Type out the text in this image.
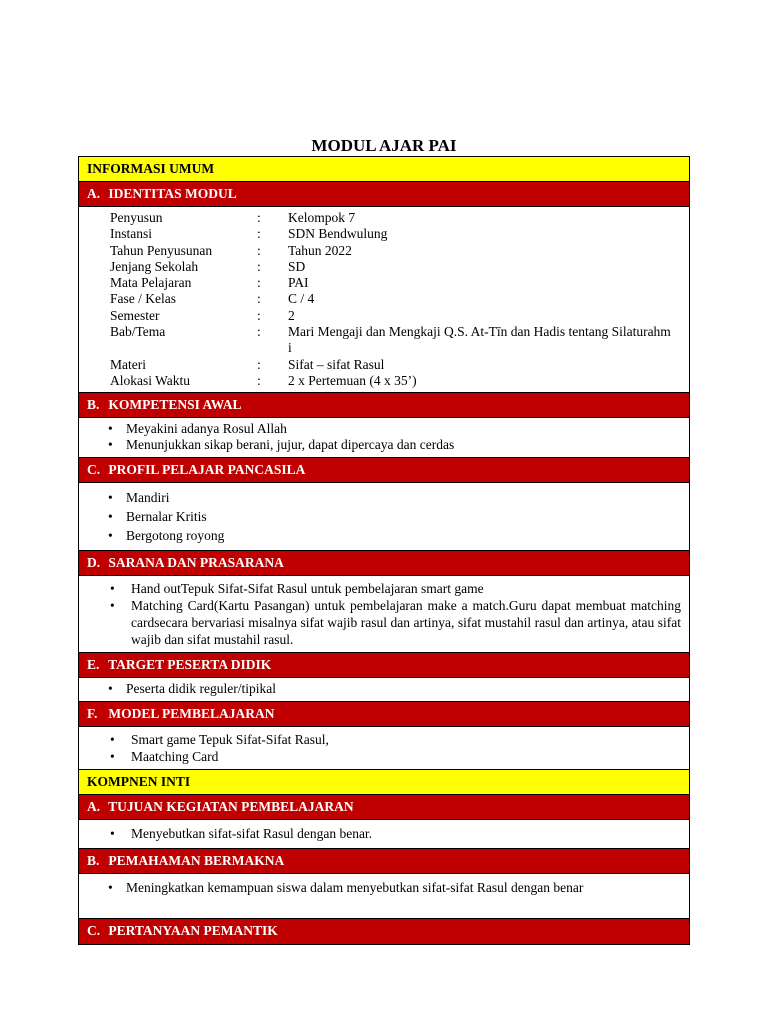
MODUL AJAR PAI
INFORMASI UMUM
A. IDENTITAS MODUL
Penyusun	:	Kelompok 7
Instansi	:	SDN Bendwulung
Tahun Penyusunan	:	Tahun 2022
Jenjang Sekolah	:	SD
Mata Pelajaran	:	PAI
Fase / Kelas	:	C / 4
Semester	:	2
Bab/Tema	:	Mari Mengaji dan Mengkaji Q.S. At-Tīn dan Hadis tentang Silaturahm
i
Materi	:	Sifat – sifat Rasul
Alokasi Waktu	:	2 x Pertemuan (4 x 35’)
B. KOMPETENSI AWAL
• Meyakini adanya Rosul Allah
• Menunjukkan sikap berani, jujur, dapat dipercaya dan cerdas
C. PROFIL PELAJAR PANCASILA
• Mandiri
• Bernalar Kritis
• Bergotong royong
D. SARANA DAN PRASARANA
• Hand outTepuk Sifat-Sifat Rasul untuk pembelajaran smart game
• Matching Card(Kartu Pasangan) untuk pembelajaran make a match.Guru dapat membuat matching cardsecara bervariasi misalnya sifat wajib rasul dan artinya, sifat mustahil rasul dan artinya, atau sifat wajib dan sifat mustahil rasul.
E. TARGET PESERTA DIDIK
• Peserta didik reguler/tipikal
F. MODEL PEMBELAJARAN
• Smart game Tepuk Sifat-Sifat Rasul,
• Maatching Card
KOMPNEN INTI
A. TUJUAN KEGIATAN PEMBELAJARAN
• Menyebutkan sifat-sifat Rasul dengan benar.
B. PEMAHAMAN BERMAKNA
• Meningkatkan kemampuan siswa dalam menyebutkan sifat-sifat Rasul dengan benar
C. PERTANYAAN PEMANTIK
